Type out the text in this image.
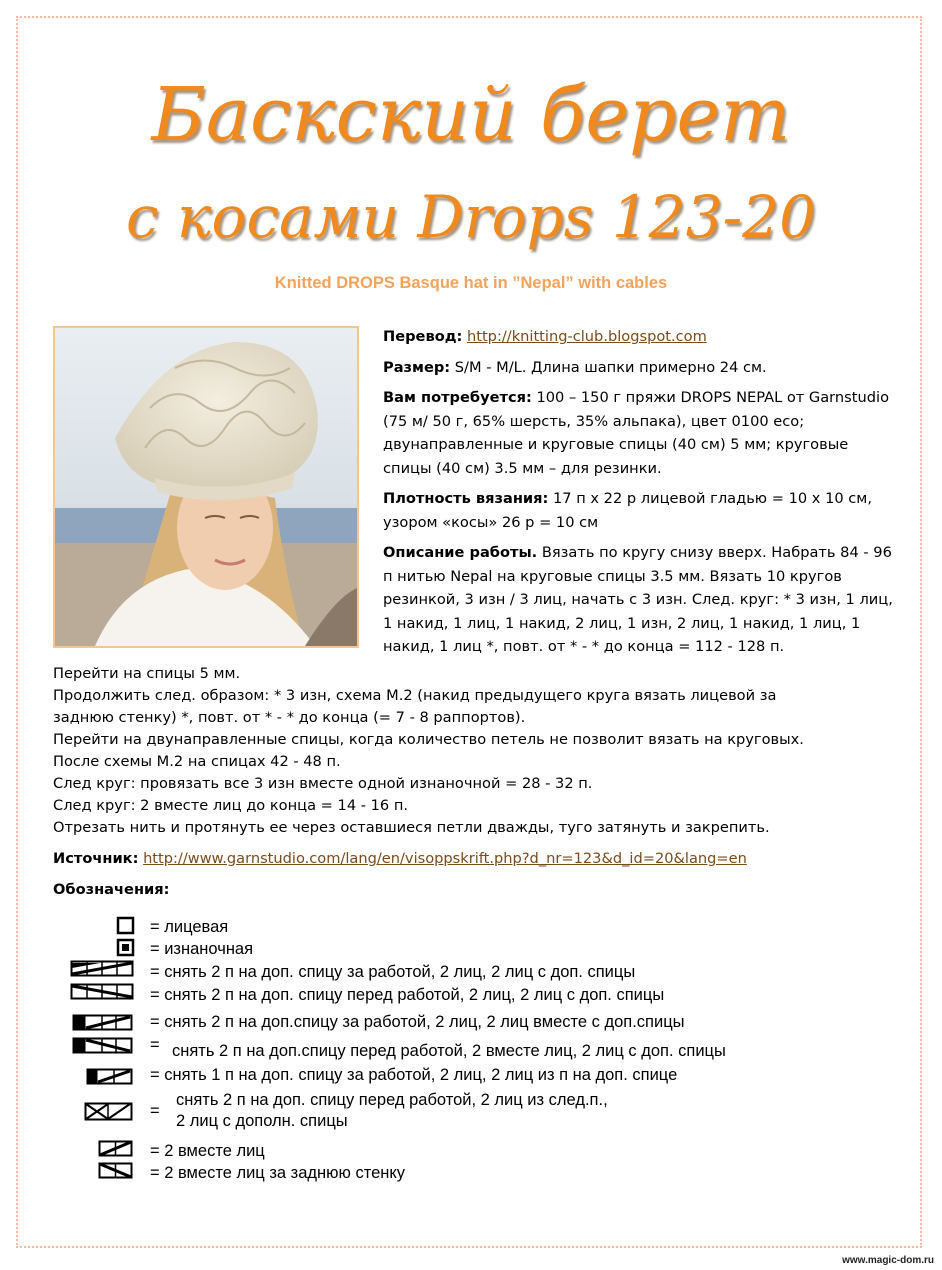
Баскский берет
с косами Drops 123-20
Knitted DROPS Basque hat in ”Nepal” with cables

Перевод: http://knitting-club.blogspot.com

Размер: S/M - M/L. Длина шапки примерно 24 см.

Вам потребуется: 100 – 150 г пряжи DROPS NEPAL от Garnstudio (75 м/ 50 г, 65% шерсть, 35% альпака), цвет 0100 eco; двунаправленные и круговые спицы (40 см) 5 мм; круговые спицы (40 см) 3.5 мм – для резинки.

Плотность вязания: 17 п х 22 р лицевой гладью = 10 х 10 см, узором «косы» 26 р = 10 см

Описание работы. Вязать по кругу снизу вверх. Набрать 84 - 96 п нитью Nepal на круговые спицы 3.5 мм. Вязать 10 кругов резинкой, 3 изн / 3 лиц, начать с 3 изн. След. круг: * 3 изн, 1 лиц, 1 накид, 1 лиц, 1 накид, 2 лиц, 1 изн, 2 лиц, 1 накид, 1 лиц, 1 накид, 1 лиц *, повт. от * - * до конца = 112 - 128 п.

Перейти на спицы 5 мм.
Продолжить след. образом: * 3 изн, схема М.2 (накид предыдущего круга вязать лицевой за
заднюю стенку) *, повт. от * - * до конца (= 7 - 8 раппортов).
Перейти на двунаправленные спицы, когда количество петель не позволит вязать на круговых.
После схемы М.2 на спицах 42 - 48 п.
След круг: провязать все 3 изн вместе одной изнаночной = 28 - 32 п.
След круг: 2 вместе лиц до конца = 14 - 16 п.
Отрезать нить и протянуть ее через оставшиеся петли дважды, туго затянуть и закрепить.
Источник: http://www.garnstudio.com/lang/en/visoppskrift.php?d_nr=123&d_id=20&lang=en
Обозначения:
= лицевая
= изнаночная
= снять 2 п на доп. спицу за работой, 2 лиц, 2 лиц с доп. спицы
= снять 2 п на доп. спицу перед работой, 2 лиц, 2 лиц с доп. спицы
= снять 2 п на доп.спицу за работой, 2 лиц, 2 лиц вместе с доп.спицы
= снять 2 п на доп.спицу перед работой, 2 вместе лиц, 2 лиц с доп. спицы
= снять 1 п на доп. спицу за работой, 2 лиц, 2 лиц из п на доп. спице
=
снять 2 п на доп. спицу перед работой, 2 лиц из след.п.,
2 лиц с дополн. спицы
= 2 вместе лиц
= 2 вместе лиц за заднюю стенку
www.magic-dom.ru
